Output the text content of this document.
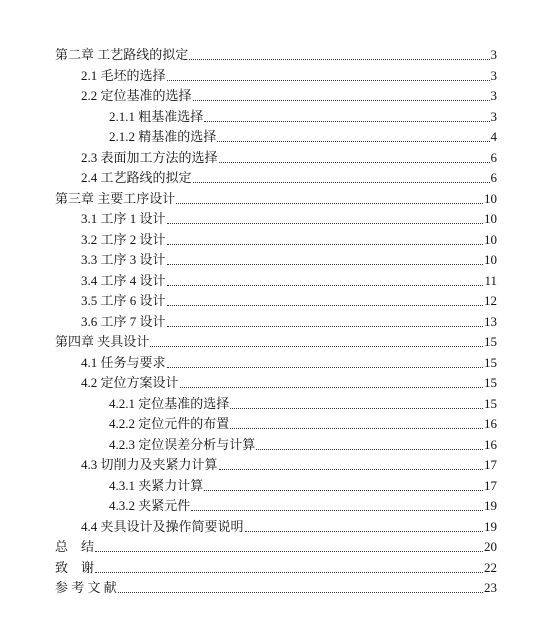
第二章 工艺路线的拟定	3
2.1 毛坯的选择	3
2.2 定位基准的选择	3
2.1.1 粗基准选择	3
2.1.2 精基准的选择	4
2.3 表面加工方法的选择	6
2.4 工艺路线的拟定	6
第三章 主要工序设计	10
3.1 工序 1 设计	10
3.2 工序 2 设计	10
3.3 工序 3 设计	10
3.4 工序 4 设计	11
3.5 工序 6 设计	12
3.6 工序 7 设计	13
第四章 夹具设计	15
4.1 任务与要求	15
4.2 定位方案设计	15
4.2.1 定位基准的选择	15
4.2.2 定位元件的布置	16
4.2.3 定位误差分析与计算	16
4.3 切削力及夹紧力计算	17
4.3.1 夹紧力计算	17
4.3.2 夹紧元件	19
4.4 夹具设计及操作简要说明	19
总    结	20
致    谢	22
参 考 文 献	23
